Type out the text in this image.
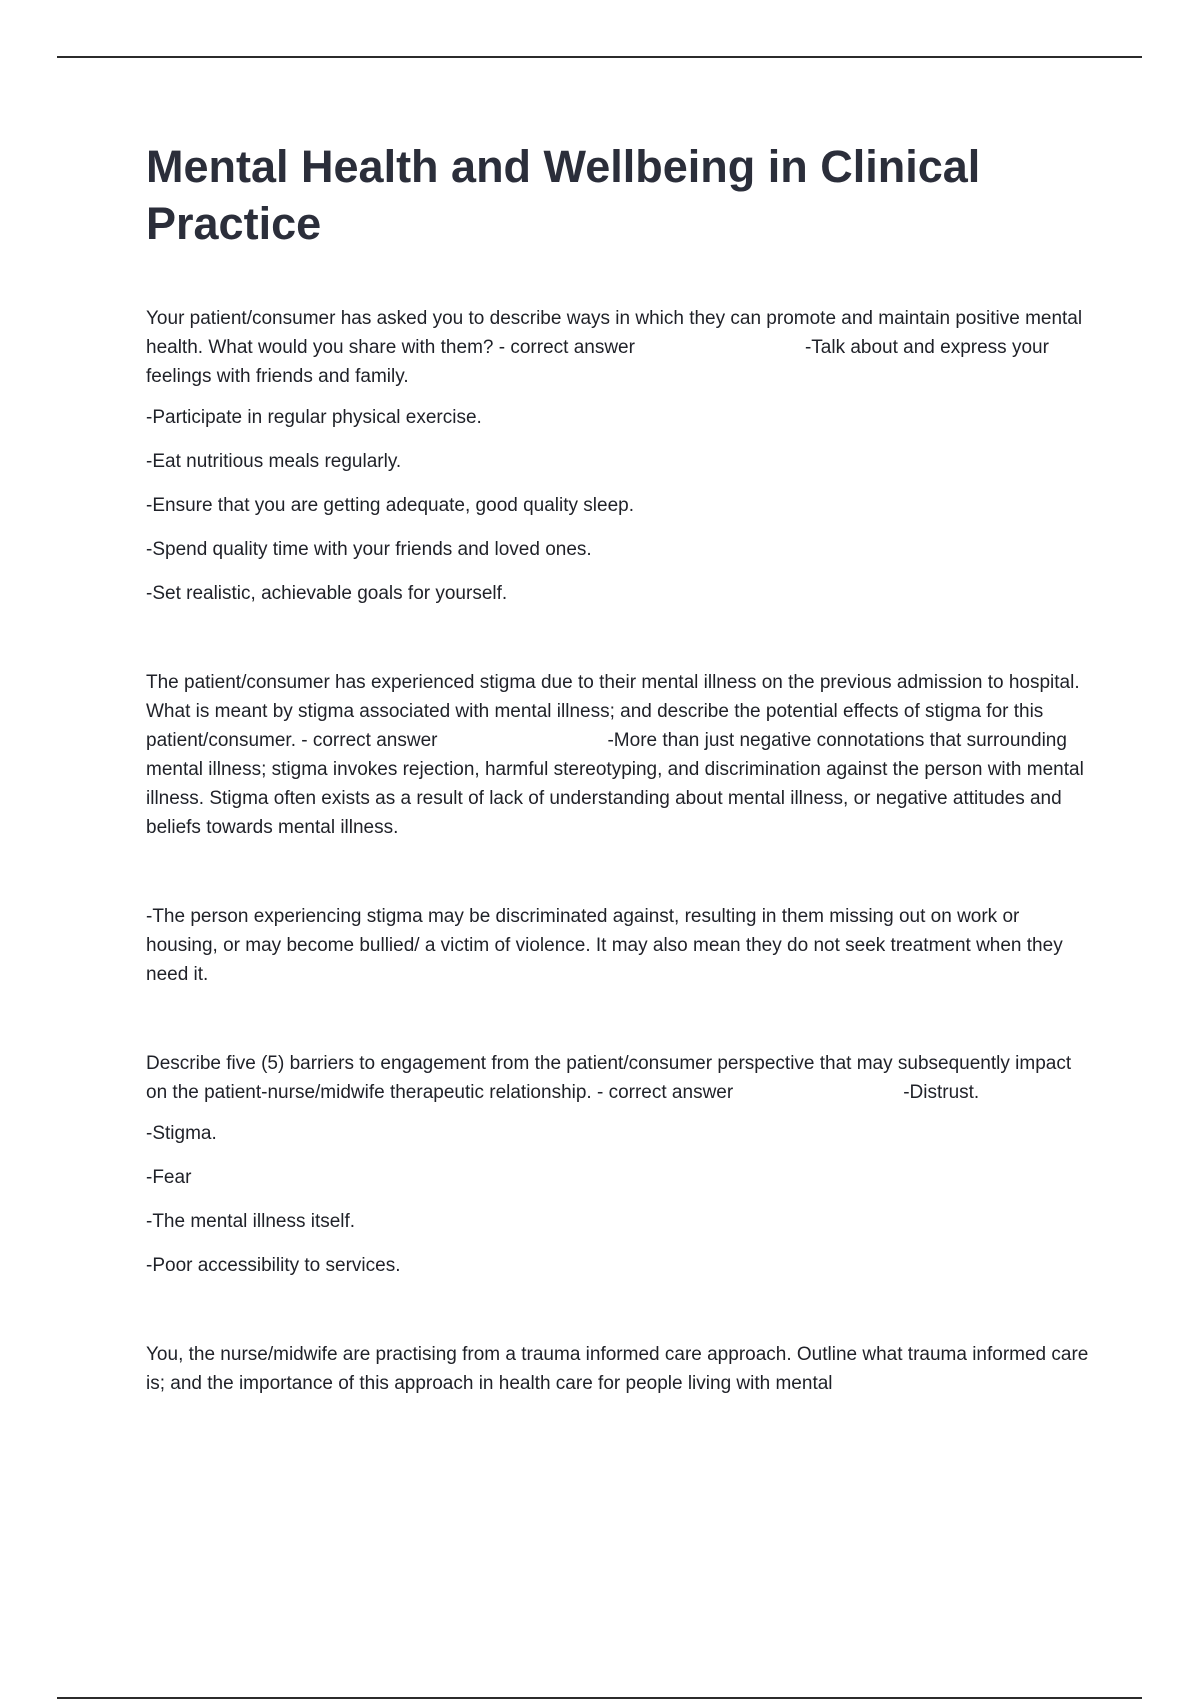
Mental Health and Wellbeing in Clinical Practice

Your patient/consumer has asked you to describe ways in which they can promote and maintain positive mental health. What would you share with them? - correct answer	-Talk about and express your feelings with friends and family.

-Participate in regular physical exercise.

-Eat nutritious meals regularly.

-Ensure that you are getting adequate, good quality sleep.

-Spend quality time with your friends and loved ones.

-Set realistic, achievable goals for yourself.

The patient/consumer has experienced stigma due to their mental illness on the previous admission to hospital. What is meant by stigma associated with mental illness; and describe the potential effects of stigma for this patient/consumer. - correct answer	-More than just negative connotations that surrounding mental illness; stigma invokes rejection, harmful stereotyping, and discrimination against the person with mental illness. Stigma often exists as a result of lack of understanding about mental illness, or negative attitudes and beliefs towards mental illness.

-The person experiencing stigma may be discriminated against, resulting in them missing out on work or housing, or may become bullied/ a victim of violence. It may also mean they do not seek treatment when they need it.

Describe five (5) barriers to engagement from the patient/consumer perspective that may subsequently impact on the patient-nurse/midwife therapeutic relationship. - correct answer	-Distrust.

-Stigma.

-Fear

-The mental illness itself.

-Poor accessibility to services.

You, the nurse/midwife are practising from a trauma informed care approach. Outline what trauma informed care is; and the importance of this approach in health care for people living with mental
